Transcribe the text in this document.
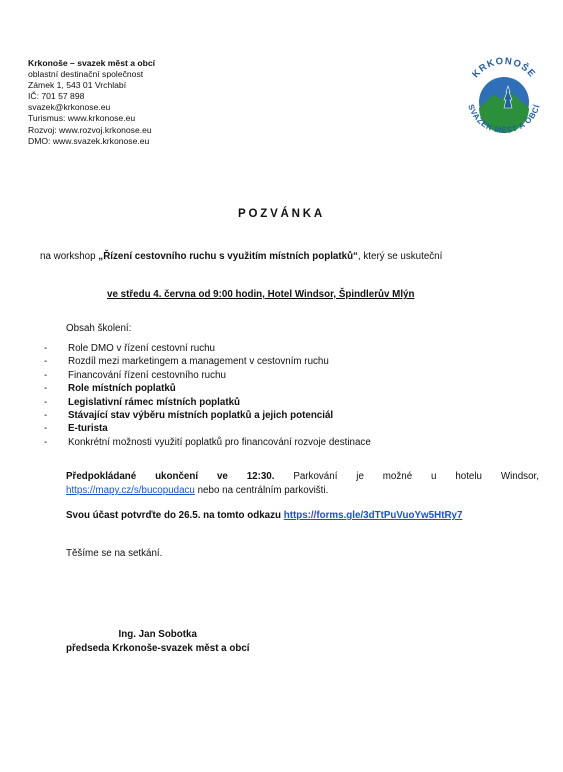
Krkonoše – svazek měst a obcí
oblastní destinační společnost
Zámek 1, 543 01 Vrchlabí
IČ: 701 57 898
svazek@krkonose.eu
Turismus: www.krkonose.eu
Rozvoj: www.rozvoj.krkonose.eu
DMO: www.svazek.krkonose.eu
KRKONOŠE
SVAZEK MĚST A OBCÍ
POZVÁNKA
na workshop „Řízení cestovního ruchu s využitím místních poplatků“, který se uskuteční
ve středu 4. června od 9:00 hodin, Hotel Windsor, Špindlerův Mlýn
Obsah školení:
- Role DMO v řízení cestovní ruchu
- Rozdíl mezi marketingem a management v cestovním ruchu
- Financování řízení cestovního ruchu
- Role místních poplatků
- Legislativní rámec místních poplatků
- Stávající stav výběru místních poplatků a jejich potenciál
- E-turista
- Konkrétní možnosti využití poplatků pro financování rozvoje destinace
Předpokládané ukončení ve 12:30. Parkování je možné u hotelu Windsor,
https://mapy.cz/s/bucopudacu nebo na centrálním parkovišti.
Svou účast potvrďte do 26.5. na tomto odkazu https://forms.gle/3dTtPuVuoYw5HtRy7
Těšíme se na setkání.
Ing. Jan Sobotka
předseda Krkonoše-svazek měst a obcí
